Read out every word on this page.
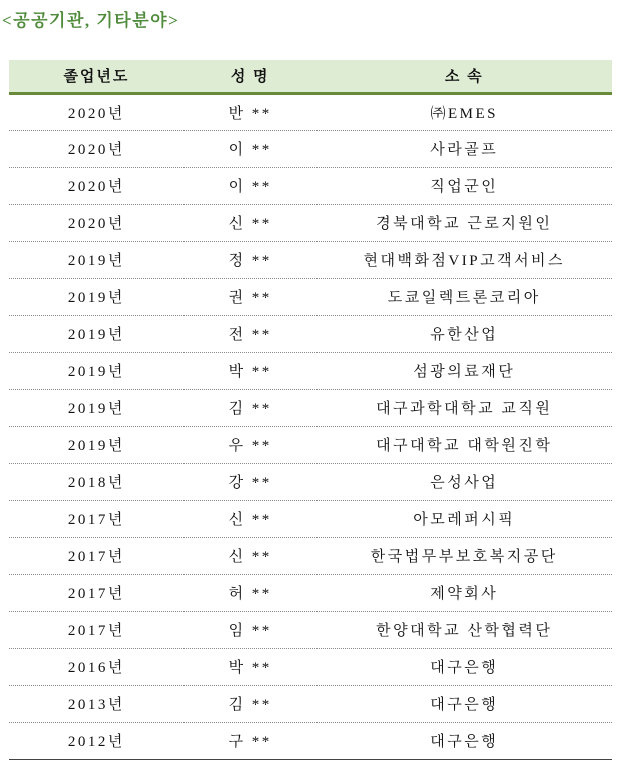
<공공기관, 기타분야>
졸업년도	성 명	소 속
2020년	반 **	㈜EMES
2020년	이 **	사라골프
2020년	이 **	직업군인
2020년	신 **	경북대학교 근로지원인
2019년	정 **	현대백화점VIP고객서비스
2019년	권 **	도쿄일렉트론코리아
2019년	전 **	유한산업
2019년	박 **	섬광의료재단
2019년	김 **	대구과학대학교 교직원
2019년	우 **	대구대학교 대학원진학
2018년	강 **	은성사업
2017년	신 **	아모레퍼시픽
2017년	신 **	한국법무부보호복지공단
2017년	허 **	제약회사
2017년	임 **	한양대학교 산학협력단
2016년	박 **	대구은행
2013년	김 **	대구은행
2012년	구 **	대구은행
